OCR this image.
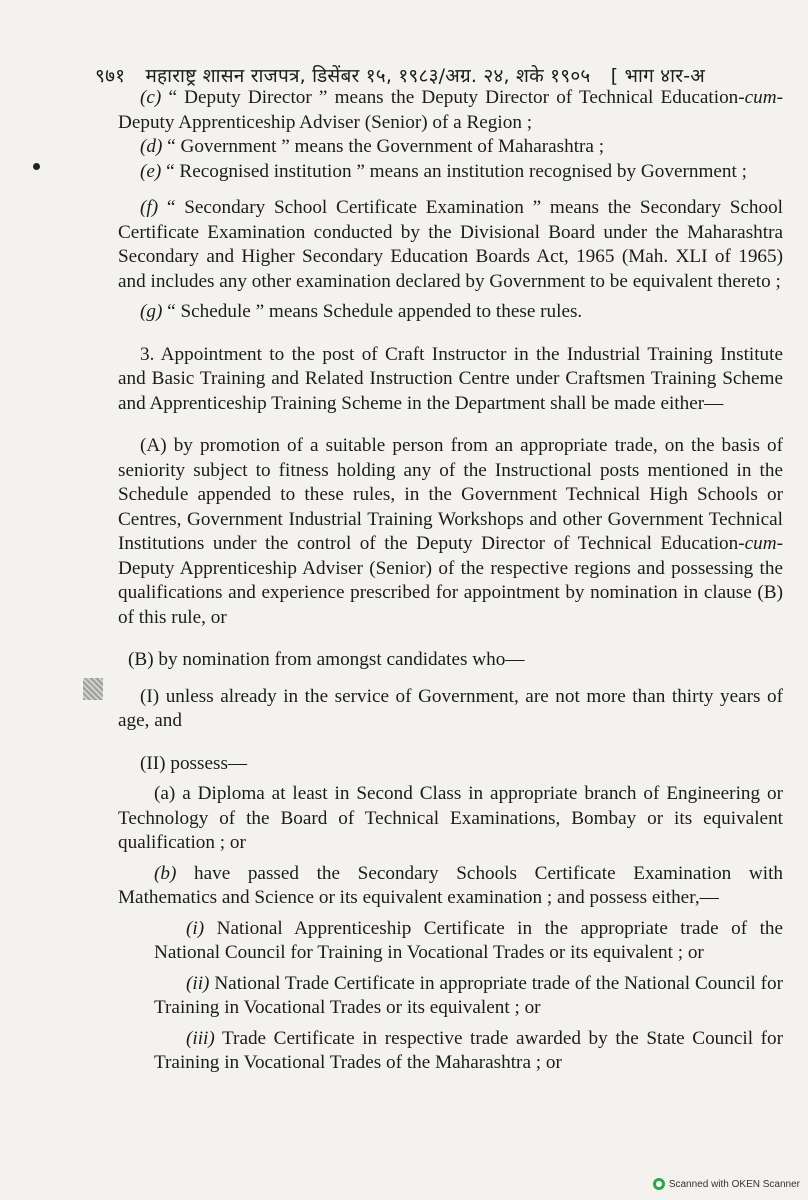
९७१ महाराष्ट्र शासन राजपत्र, डिसेंबर १५, १९८३/अग्र. २४, शके १९०५ [ भाग ४ार-अ

(c) “ Deputy Director ” means the Deputy Director of Technical Education-cum-Deputy Apprenticeship Adviser (Senior) of a Region ;

(d) “ Government ” means the Government of Maharashtra ;

(e) “ Recognised institution ” means an institution recognised by Government ;

(f) “ Secondary School Certificate Examination ” means the Secondary School Certificate Examination conducted by the Divisional Board under the Maharashtra Secondary and Higher Secondary Education Boards Act, 1965 (Mah. XLI of 1965) and includes any other examination declared by Government to be equivalent thereto ;

(g) “ Schedule ” means Schedule appended to these rules.

3. Appointment to the post of Craft Instructor in the Industrial Training Institute and Basic Training and Related Instruction Centre under Craftsmen Training Scheme and Apprenticeship Training Scheme in the Department shall be made either—

(A) by promotion of a suitable person from an appropriate trade, on the basis of seniority subject to fitness holding any of the Instructional posts mentioned in the Schedule appended to these rules, in the Government Technical High Schools or Centres, Government Industrial Training Workshops and other Government Technical Institutions under the control of the Deputy Director of Technical Education-cum-Deputy Apprenticeship Adviser (Senior) of the respective regions and possessing the qualifications and experience prescribed for appointment by nomination in clause (B) of this rule, or

(B) by nomination from amongst candidates who—

(I) unless already in the service of Government, are not more than thirty years of age, and

(II) possess—

(a) a Diploma at least in Second Class in appropriate branch of Engineering or Technology of the Board of Technical Examinations, Bombay or its equivalent qualification ; or

(b) have passed the Secondary Schools Certificate Examination with Mathematics and Science or its equivalent examination ; and possess either,—

(i) National Apprenticeship Certificate in the appropriate trade of the National Council for Training in Vocational Trades or its equivalent ; or

(ii) National Trade Certificate in appropriate trade of the National Council for Training in Vocational Trades or its equivalent ; or

(iii) Trade Certificate in respective trade awarded by the State Council for Training in Vocational Trades of the Maharashtra ; or

Scanned with OKEN Scanner
